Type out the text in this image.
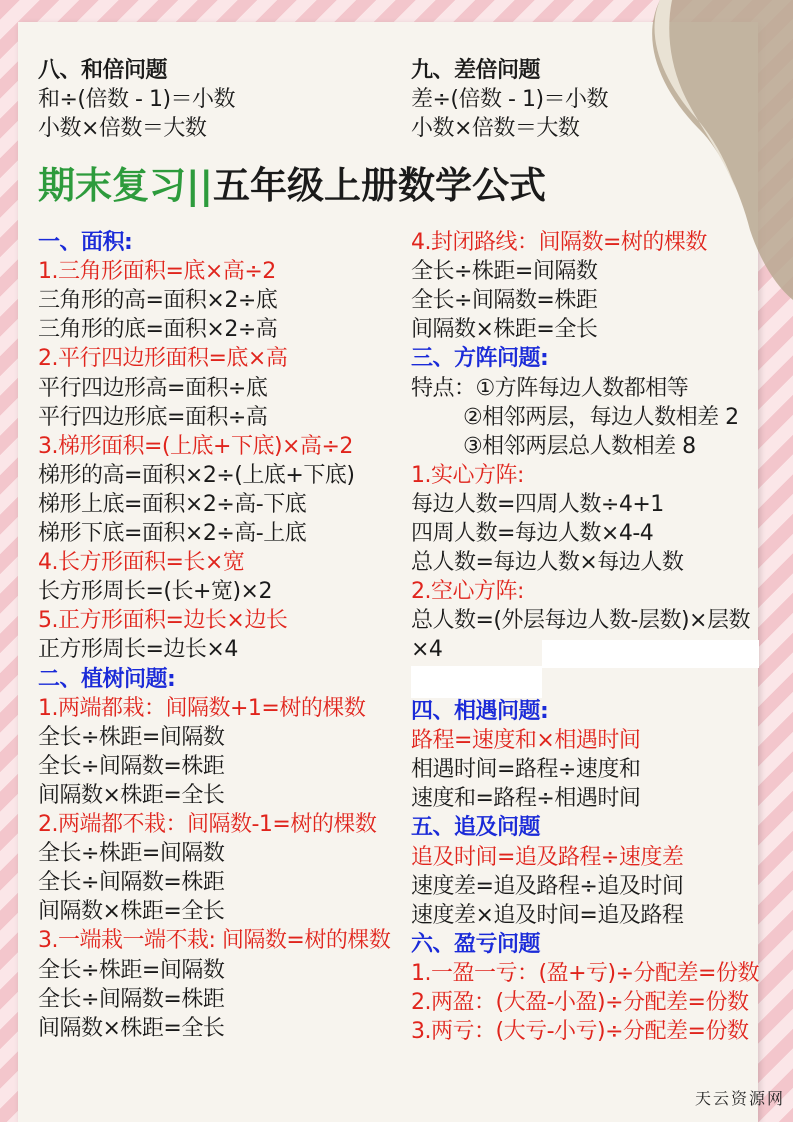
八、和倍问题
和÷(倍数 - 1)＝小数
小数×倍数＝大数
九、差倍问题
差÷(倍数 - 1)＝小数
小数×倍数＝大数
期末复习||五年级上册数学公式
一、面积:
1.三角形面积=底×高÷2
三角形的高=面积×2÷底
三角形的底=面积×2÷高
2.平行四边形面积=底×高
平行四边形高=面积÷底
平行四边形底=面积÷高
3.梯形面积=(上底+下底)×高÷2
梯形的高=面积×2÷(上底+下底)
梯形上底=面积×2÷高-下底
梯形下底=面积×2÷高-上底
4.长方形面积=长×宽
长方形周长=(长+宽)×2
5.正方形面积=边长×边长
正方形周长=边长×4
二、植树问题:
1.两端都栽：间隔数+1=树的棵数
全长÷株距=间隔数
全长÷间隔数=株距
间隔数×株距=全长
2.两端都不栽：间隔数-1=树的棵数
全长÷株距=间隔数
全长÷间隔数=株距
间隔数×株距=全长
3.一端栽一端不栽: 间隔数=树的棵数
全长÷株距=间隔数
全长÷间隔数=株距
间隔数×株距=全长
4.封闭路线：间隔数=树的棵数
全长÷株距=间隔数
全长÷间隔数=株距
间隔数×株距=全长
三、方阵问题:
特点：①方阵每边人数都相等
②相邻两层，每边人数相差 2
③相邻两层总人数相差 8
1.实心方阵:
每边人数=四周人数÷4+1
四周人数=每边人数×4-4
总人数=每边人数×每边人数
2.空心方阵:
总人数=(外层每边人数-层数)×层数
×4
四、相遇问题:
路程=速度和×相遇时间
相遇时间=路程÷速度和
速度和=路程÷相遇时间
五、追及问题
追及时间=追及路程÷速度差
速度差=追及路程÷追及时间
速度差×追及时间=追及路程
六、盈亏问题
1.一盈一亏：(盈+亏)÷分配差=份数
2.两盈：(大盈-小盈)÷分配差=份数
3.两亏：(大亏-小亏)÷分配差=份数
天云资源网
